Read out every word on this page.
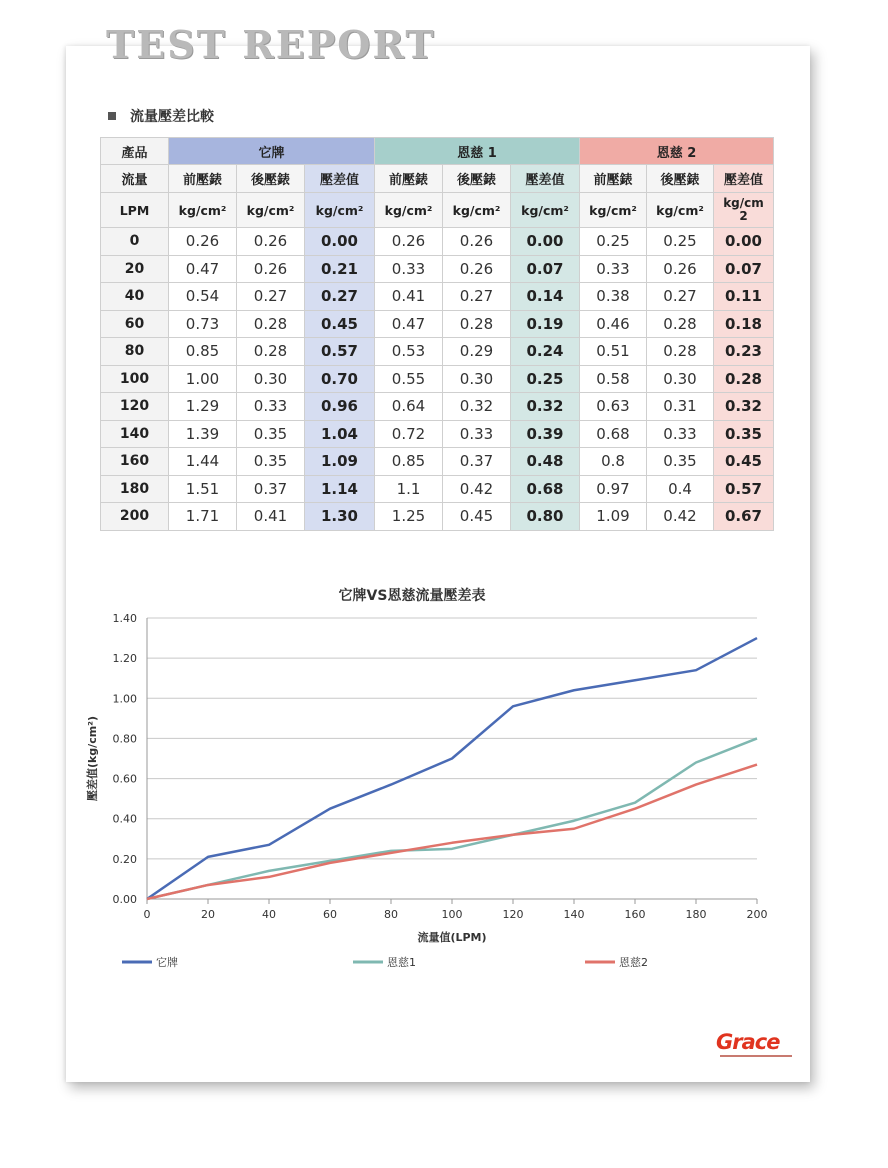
TEST REPORT
流量壓差比較
產品	它牌			恩慈 1			恩慈 2		
流量	前壓錶	後壓錶	壓差值	前壓錶	後壓錶	壓差值	前壓錶	後壓錶	壓差值
LPM	kg/cm²	kg/cm²	kg/cm²	kg/cm²	kg/cm²	kg/cm²	kg/cm²	kg/cm²	kg/cm
2
0	0.26	0.26	0.00	0.26	0.26	0.00	0.25	0.25	0.00
20	0.47	0.26	0.21	0.33	0.26	0.07	0.33	0.26	0.07
40	0.54	0.27	0.27	0.41	0.27	0.14	0.38	0.27	0.11
60	0.73	0.28	0.45	0.47	0.28	0.19	0.46	0.28	0.18
80	0.85	0.28	0.57	0.53	0.29	0.24	0.51	0.28	0.23
100	1.00	0.30	0.70	0.55	0.30	0.25	0.58	0.30	0.28
120	1.29	0.33	0.96	0.64	0.32	0.32	0.63	0.31	0.32
140	1.39	0.35	1.04	0.72	0.33	0.39	0.68	0.33	0.35
160	1.44	0.35	1.09	0.85	0.37	0.48	0.8	0.35	0.45
180	1.51	0.37	1.14	1.1	0.42	0.68	0.97	0.4	0.57
200	1.71	0.41	1.30	1.25	0.45	0.80	1.09	0.42	0.67
它牌VS恩慈流量壓差表
0.00
0.20
0.40
0.60
0.80
1.00
1.20
1.40
0	20	40	60	80	100	120	140	160	180	200
流量值(LPM)
壓差值(kg/cm²)
它牌	恩慈1	恩慈2
Grace
